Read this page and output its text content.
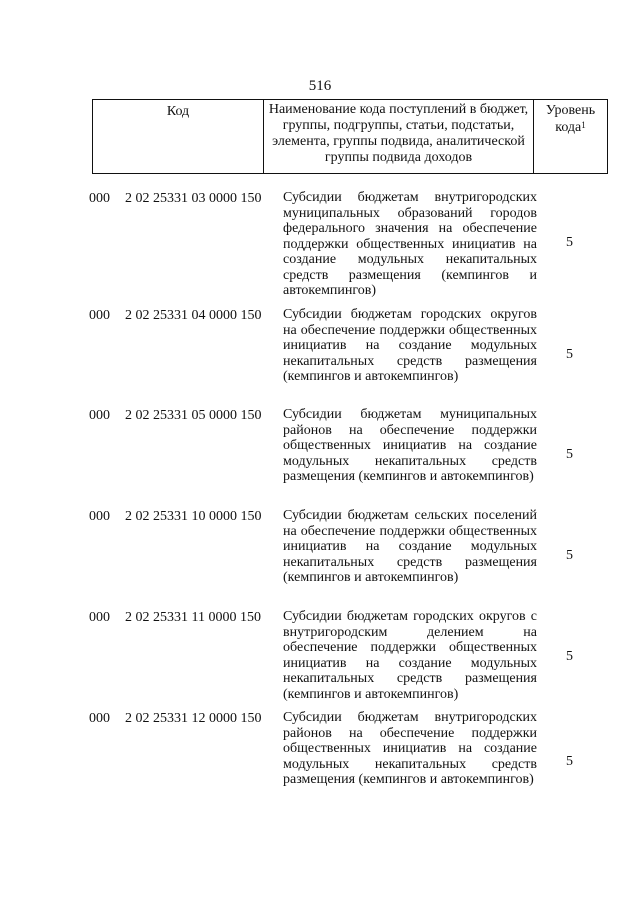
516
Код	Наименование кода поступлений в бюджет, группы, подгруппы, статьи, подстатьи, элемента, группы подвида, аналитической группы подвида доходов
Уровень кода$^1$
000 2 02 25331 03 0000 150 Субсидии бюджетам внутригородских муниципальных образований городов федерального значения на обеспечение поддержки общественных инициатив на создание модульных некапитальных средств размещения (кемпингов и автокемпингов)
5
000 2 02 25331 04 0000 150 Субсидии бюджетам городских округов на обеспечение поддержки общественных инициатив на создание модульных некапитальных средств размещения (кемпингов и автокемпингов)
5
000 2 02 25331 05 0000 150 Субсидии бюджетам муниципальных районов на обеспечение поддержки общественных инициатив на создание модульных некапитальных средств размещения (кемпингов и автокемпингов)
5
000 2 02 25331 10 0000 150 Субсидии бюджетам сельских поселений на обеспечение поддержки общественных инициатив на создание модульных некапитальных средств размещения (кемпингов и автокемпингов)
5
000 2 02 25331 11 0000 150 Субсидии бюджетам городских округов с внутригородским делением на обеспечение поддержки общественных инициатив на создание модульных некапитальных средств размещения (кемпингов и автокемпингов)
5
000 2 02 25331 12 0000 150 Субсидии бюджетам внутригородских районов на обеспечение поддержки общественных инициатив на создание модульных некапитальных средств размещения (кемпингов и автокемпингов)
5
